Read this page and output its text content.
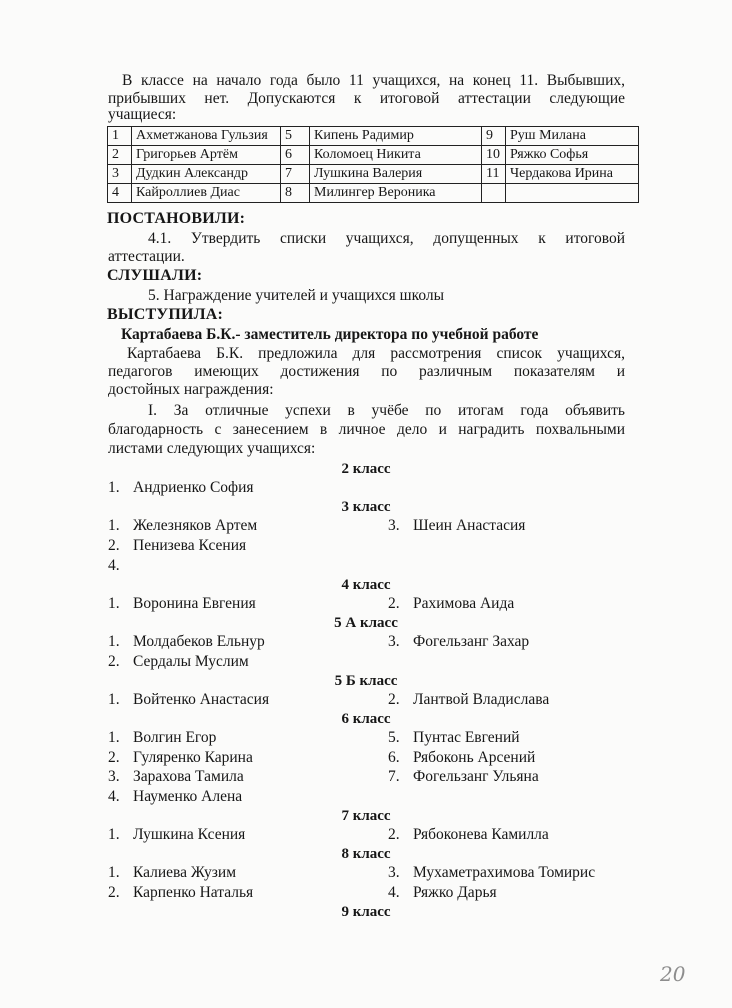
В классе на начало года было 11 учащихся, на конец 11. Выбывших,
прибывших нет. Допускаются к итоговой аттестации следующие
учащиеся:
1	Ахметжанова Гульзия	5	Кипень Радимир	9	Руш Милана
2	Григорьев Артём	6	Коломоец Никита	10	Ряжко Софья
3	Дудкин Александр	7	Лушкина Валерия	11	Чердакова Ирина
4	Кайроллиев Диас	8	Милингер Вероника		
ПОСТАНОВИЛИ:
4.1. Утвердить списки учащихся, допущенных к итоговой
аттестации.
СЛУШАЛИ:
5. Награждение учителей и учащихся школы
ВЫСТУПИЛА:
Картабаева Б.К.- заместитель директора по учебной работе
Картабаева Б.К. предложила для рассмотрения список учащихся,
педагогов имеющих достижения по различным показателям и
достойных награждения:
I. За отличные успехи в учёбе по итогам года объявить
благодарность с занесением в личное дело и наградить похвальными
листами следующих учащихся:
2 класс
1. Андриенко София
3 класс
1. Железняков Артем
2. Пенизева Ксения
4.
3. Шеин Анастасия
4 класс
1. Воронина Евгения	2. Рахимова Аида
5 А класс
1. Молдабеков Ельнур
2. Сердалы Муслим
3. Фогельзанг Захар
5 Б класс
1. Войтенко Анастасия	2. Лантвой Владислава
6 класс
1. Волгин Егор
2. Гуляренко Карина
3. Зарахова Тамила
4. Науменко Алена
5. Пунтас Евгений
6. Рябоконь Арсений
7. Фогельзанг Ульяна
7 класс
1. Лушкина Ксения	2. Рябоконева Камилла
8 класс
1. Калиева Жузим
2. Карпенко Наталья
3. Мухаметрахимова Томирис
4. Ряжко Дарья
9 класс
20
